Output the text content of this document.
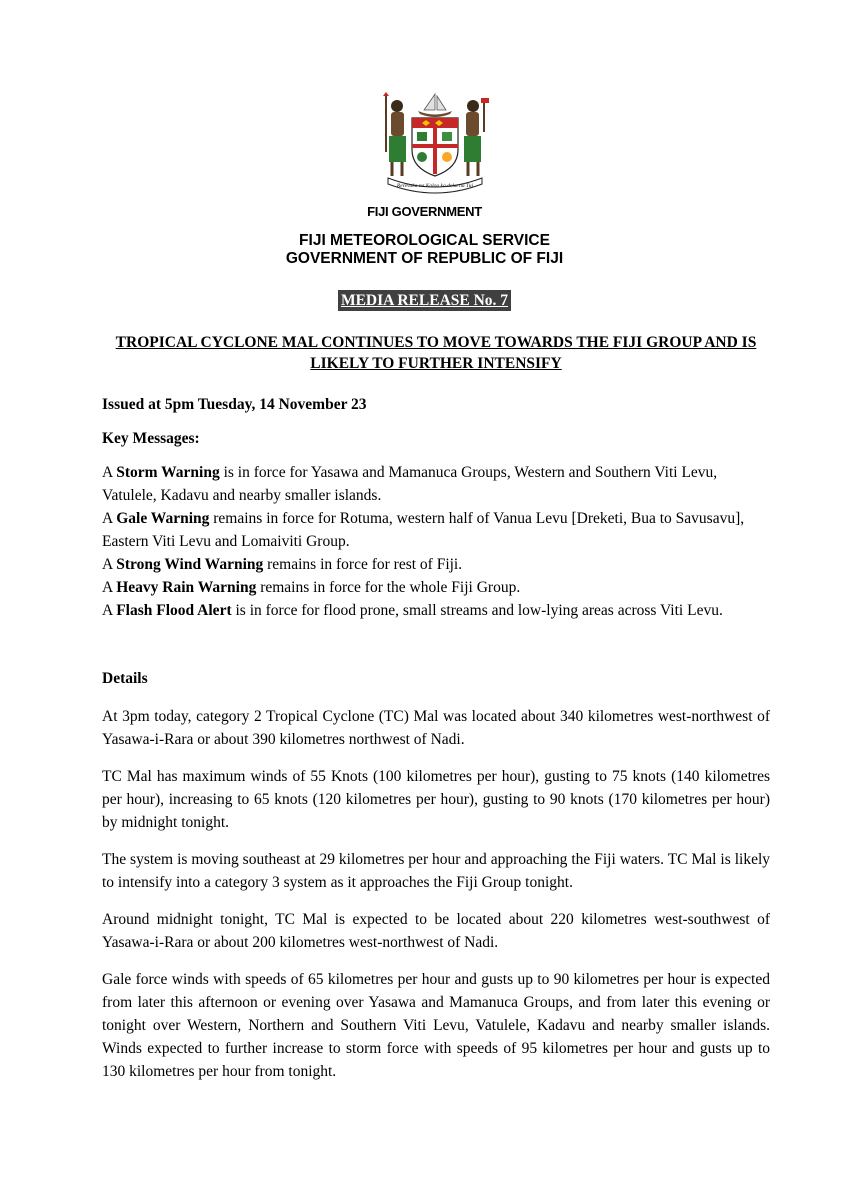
Rerevaka na Kalou ka doka na Tui
FIJI GOVERNMENT
FIJI METEOROLOGICAL SERVICE
GOVERNMENT OF REPUBLIC OF FIJI
MEDIA RELEASE No. 7
TROPICAL CYCLONE MAL CONTINUES TO MOVE TOWARDS THE FIJI GROUP AND IS LIKELY TO FURTHER INTENSIFY
Issued at 5pm Tuesday, 14 November 23
Key Messages:

A Storm Warning is in force for Yasawa and Mamanuca Groups, Western and Southern Viti Levu, Vatulele, Kadavu and nearby smaller islands.

A Gale Warning remains in force for Rotuma, western half of Vanua Levu [Dreketi, Bua to Savusavu], Eastern Viti Levu and Lomaiviti Group.

A Strong Wind Warning remains in force for rest of Fiji.

A Heavy Rain Warning remains in force for the whole Fiji Group.

A Flash Flood Alert is in force for flood prone, small streams and low-lying areas across Viti Levu.

Details
At 3pm today, category 2 Tropical Cyclone (TC) Mal was located about 340 kilometres west-northwest of Yasawa-i-Rara or about 390 kilometres northwest of Nadi.
TC Mal has maximum winds of 55 Knots (100 kilometres per hour), gusting to 75 knots (140 kilometres per hour), increasing to 65 knots (120 kilometres per hour), gusting to 90 knots (170 kilometres per hour) by midnight tonight.
The system is moving southeast at 29 kilometres per hour and approaching the Fiji waters. TC Mal is likely to intensify into a category 3 system as it approaches the Fiji Group tonight.
Around midnight tonight, TC Mal is expected to be located about 220 kilometres west-southwest of Yasawa-i-Rara or about 200 kilometres west-northwest of Nadi.
Gale force winds with speeds of 65 kilometres per hour and gusts up to 90 kilometres per hour is expected from later this afternoon or evening over Yasawa and Mamanuca Groups, and from later this evening or tonight over Western, Northern and Southern Viti Levu, Vatulele, Kadavu and nearby smaller islands. Winds expected to further increase to storm force with speeds of 95 kilometres per hour and gusts up to 130 kilometres per hour from tonight.
